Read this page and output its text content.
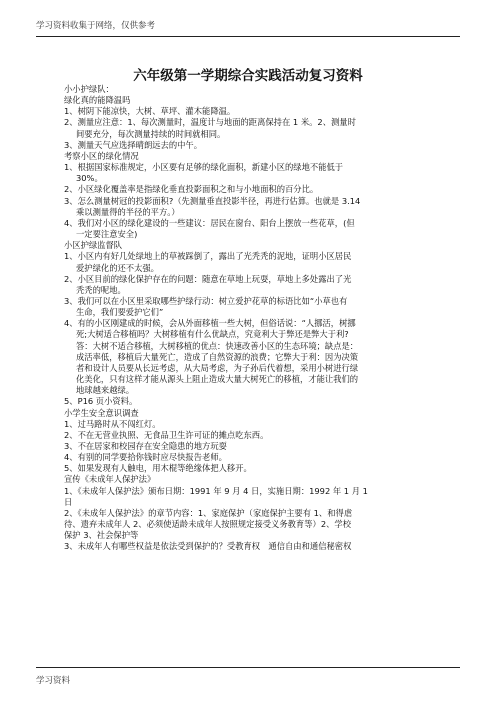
学习资料收集于网络，仅供参考
六年级第一学期综合实践活动复习资料
小小护绿队：
绿化真的能降温吗
1、树阴下能凉快，大树、草坪、灌木能降温。
2、测量应注意：1、每次测量时，温度计与地面的距离保持在 1 米。2、测量时
间要充分，每次测量持续的时间就相同。
3、测量天气应选择晴朗远去的中午。
考察小区的绿化情况
1、根据国家标准规定，小区要有足够的绿化面积，新建小区的绿地不能低于
30%。
2、小区绿化覆盖率是指绿化垂直投影面积之和与小地面积的百分比。
3、怎么测量树冠的投影面积?（先测量垂直投影半径，再进行估算。也就是 3.14
乘以测量得的半径的平方。）
4、我们对小区的绿化建设的一些建议：居民在窗台、阳台上摆放一些花草，(但
一定要注意安全)
小区护绿监督队
1、小区内有好几处绿地上的草被踩倒了，露出了光秃秃的泥地，证明小区居民
爱护绿化的还不太强。
2、小区目前的绿化保护存在的问题：随意在草地上玩耍，草地上多处露出了光
秃秃的呢地。
3、我们可以在小区里采取哪些护绿行动：树立爱护花草的标语比如“小草也有
生命，我们要爱护它们”
4、有的小区刚建成的时候，会从外面移植一些大树，但俗话说：“人挪活，树挪
死;大树适合移植吗？大树移植有什么优缺点，究竟利大于弊还是弊大于利?
答：大树不适合移植，大树移植的优点：快速改善小区的生态环境；缺点是：
成活率低，移植后大量死亡，造成了自然资源的浪费；它弊大于利：因为决策
者和设计人员要从长远考虑，从大局考虑，为子孙后代着想，采用小树进行绿
化美化，只有这样才能从源头上阻止造成大量大树死亡的移植，才能让我们的
地球越来越绿。
5、P16 页小资料。
小学生安全意识调查
1、过马路时从不闯红灯。
2、不在无营业执照、无食品卫生许可证的摊点吃东西。
3、不在居家和校园存在安全隐患的地方玩耍
4、有别的同学要拾你钱时应尽快报告老师。
5、如果发现有人触电，用木棍等绝缘体把人移开。
宣传《未成年人保护法》
1、《未成年人保护法》颁布日期：1991 年 9 月 4 日，实施日期：1992 年 1 月 1
日
2、《未成年人保护法》的章节内容：1、家庭保护（家庭保护主要有 1、和得虐
待、遗弃未成年人 2、必须使适龄未成年人按照规定接受义务教育等）2、学校
保护 3、社会保护等
3、未成年人有哪些权益是依法受到保护的？受教育权　通信自由和通信秘密权
学习资料
